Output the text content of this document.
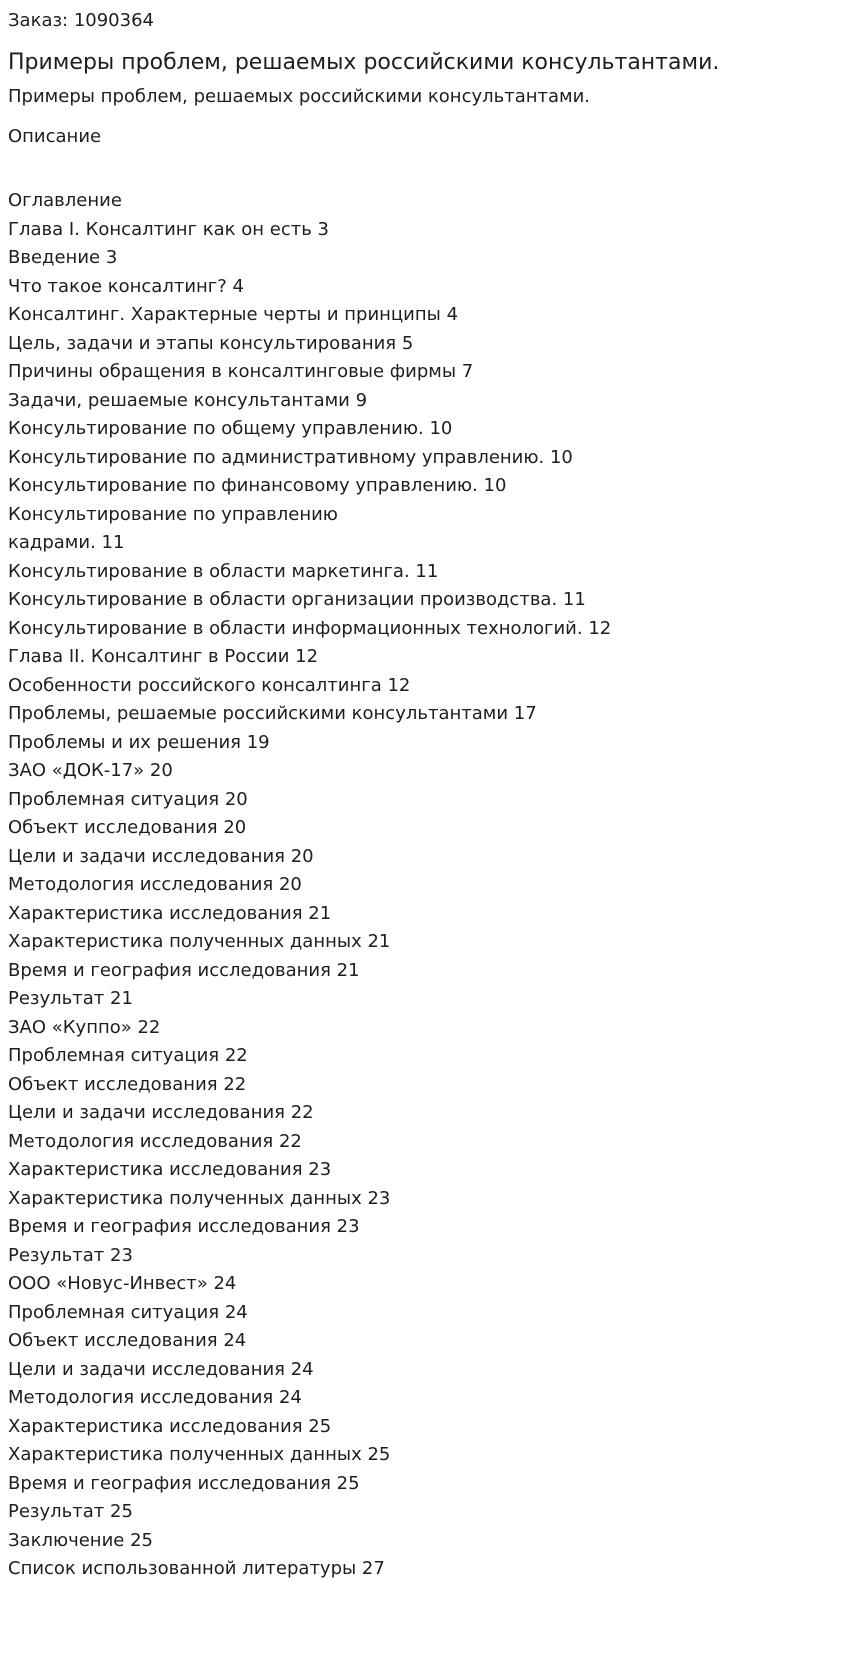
Заказ: 1090364

Примеры проблем, решаемых российскими консультантами.

Примеры проблем, решаемых российскими консультантами.

Описание
Оглавление
Глава I. Консалтинг как он есть 3
Введение 3
Что такое консалтинг? 4
Консалтинг. Характерные черты и принципы 4
Цель, задачи и этапы консультирования 5
Причины обращения в консалтинговые фирмы 7
Задачи, решаемые консультантами 9
Консультирование по общему управлению. 10
Консультирование по административному управлению. 10
Консультирование по финансовому управлению. 10
Консультирование по управлению
кадрами. 11
Консультирование в области маркетинга. 11
Консультирование в области организации производства. 11
Консультирование в области информационных технологий. 12
Глава II. Консалтинг в России 12
Особенности российского консалтинга 12
Проблемы, решаемые российскими консультантами 17
Проблемы и их решения 19
ЗАО «ДОК-17» 20
Проблемная ситуация 20
Объект исследования 20
Цели и задачи исследования 20
Методология исследования 20
Характеристика исследования 21
Характеристика полученных данных 21
Время и география исследования 21
Результат 21
ЗАО «Куппо» 22
Проблемная ситуация 22
Объект исследования 22
Цели и задачи исследования 22
Методология исследования 22
Характеристика исследования 23
Характеристика полученных данных 23
Время и география исследования 23
Результат 23
ООО «Новус-Инвест» 24
Проблемная ситуация 24
Объект исследования 24
Цели и задачи исследования 24
Методология исследования 24
Характеристика исследования 25
Характеристика полученных данных 25
Время и география исследования 25
Результат 25
Заключение 25
Список использованной литературы 27
